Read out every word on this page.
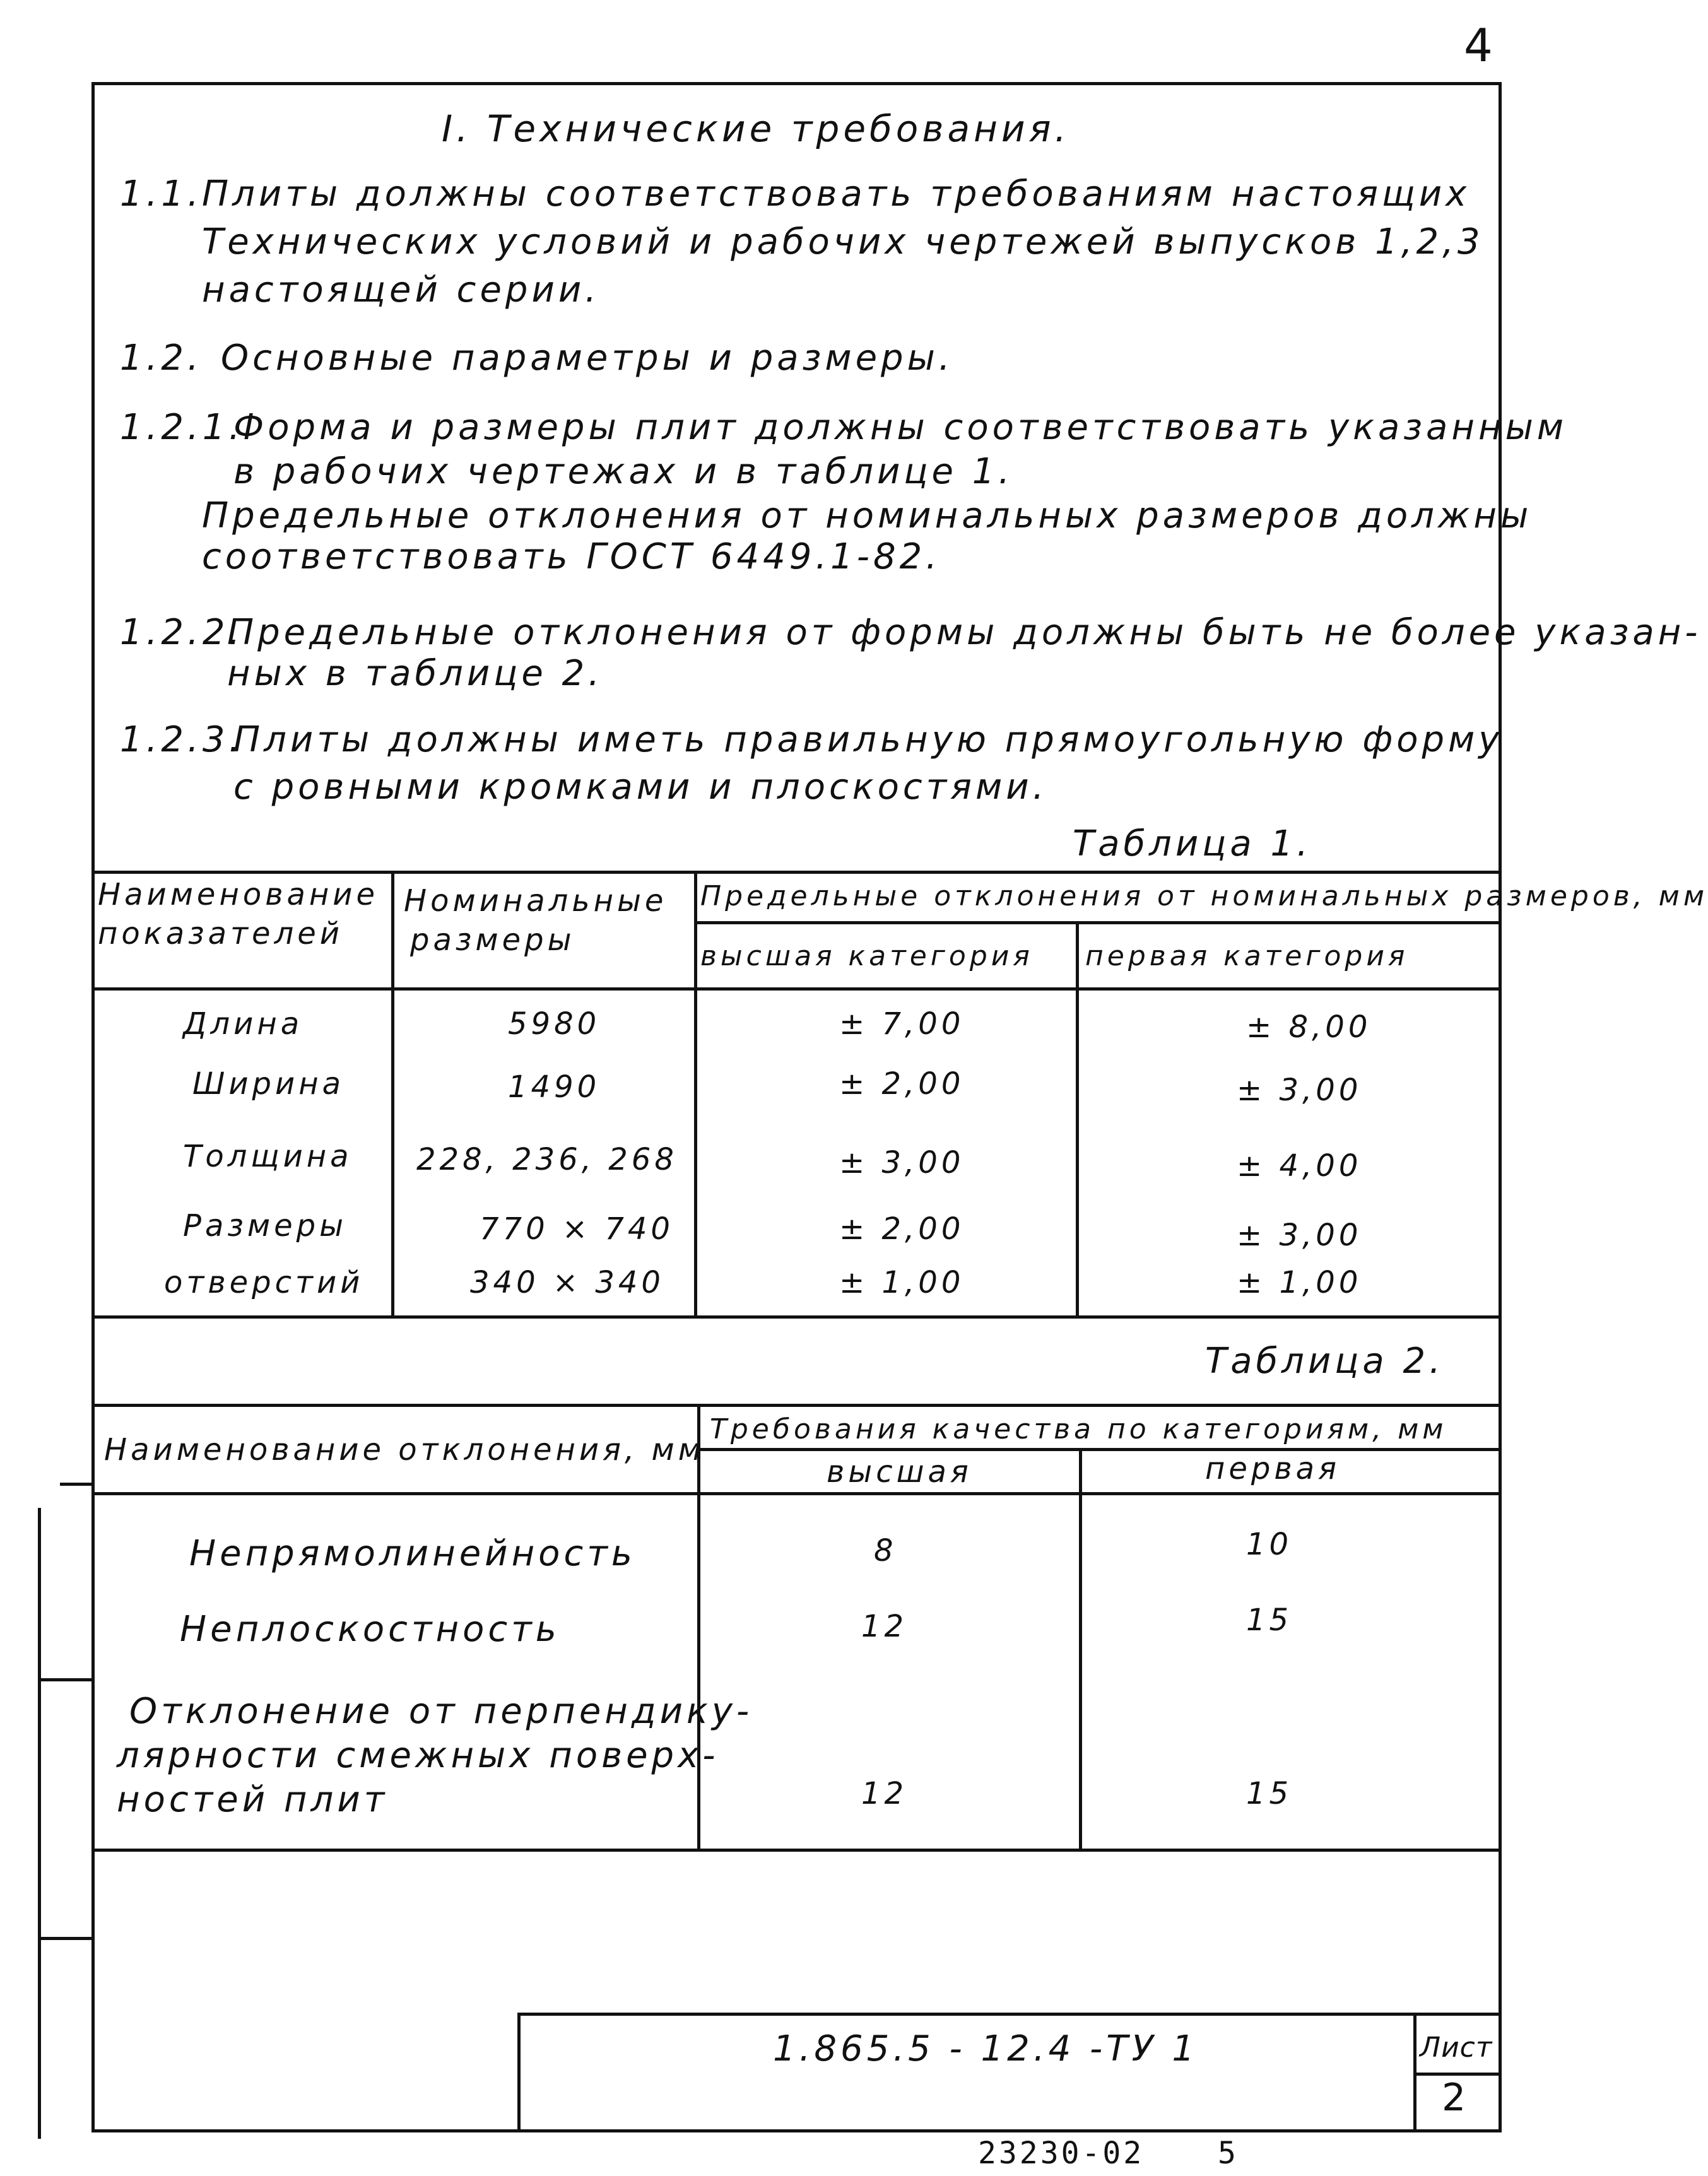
4
I. Технические требования.
1.1. Плиты должны соответствовать требованиям настоящих
Технических условий и рабочих чертежей выпусков 1,2,3
настоящей серии.
1.2. Основные параметры и размеры.
1.2.1.
Форма и размеры плит должны соответствовать указанным
в рабочих чертежах и в таблице 1.
Предельные отклонения от номинальных размеров должны
соответствовать ГОСТ 6449.1-82.
1.2.2.
Предельные отклонения от формы должны быть не более указан-
ных в таблице 2.
1.2.3.
Плиты должны иметь правильную прямоугольную форму
с ровными кромками и плоскостями.
Таблица 1.
Наименование
показателей
Номинальные
размеры
Предельные отклонения от номинальных размеров, мм
высшая категория первая категория
Длина	5980	± 7,00	± 8,00
Ширина	1490	± 2,00	± 3,00
Толщина 228, 236, 268	± 3,00	± 4,00
Размеры	770 × 740	± 2,00	± 3,00
отверстий	340 × 340	± 1,00	± 1,00
Таблица 2.
Наименование отклонения, мм
Требования качества по категориям, мм
высшая	первая
Непрямолинейность	8	10
Неплоскостность	12	15
Отклонение от перпендику-
лярности смежных поверх-
ностей плит	12	15
1.865.5 - 12.4 -ТУ 1	Лист
2
23230-02 5
